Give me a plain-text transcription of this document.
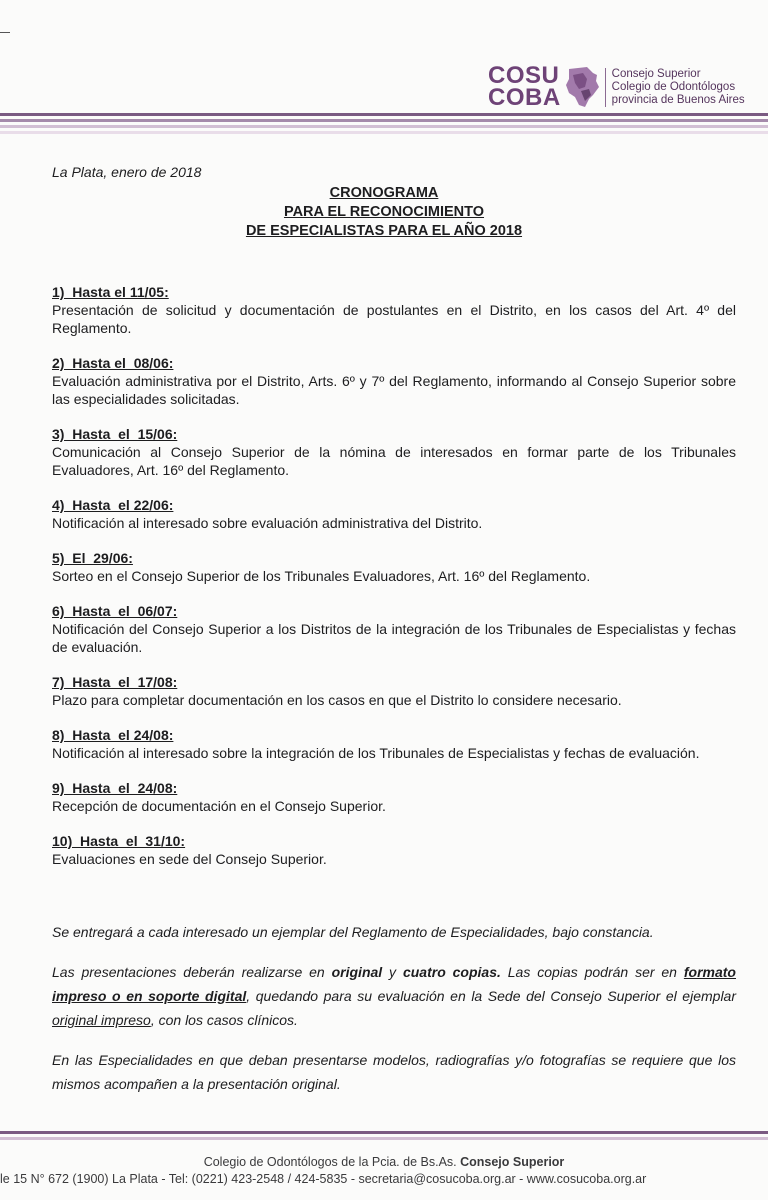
COSU
COBA
Consejo Superior
Colegio de Odontólogos
provincia de Buenos Aires
La Plata, enero de 2018
CRONOGRAMA
PARA EL RECONOCIMIENTO
DE ESPECIALISTAS PARA EL AÑO 2018
1)  Hasta el 11/05:
Presentación de solicitud y documentación de postulantes en el Distrito, en los casos del Art. 4º del Reglamento.
2)  Hasta el  08/06:
Evaluación administrativa por el Distrito, Arts. 6º y 7º del Reglamento, informando al Consejo Superior sobre las especialidades solicitadas.
3)  Hasta  el  15/06:
Comunicación al Consejo Superior de la nómina de interesados en formar parte de los Tribunales Evaluadores, Art. 16º del Reglamento.
4)  Hasta  el 22/06:
Notificación al interesado sobre evaluación administrativa del Distrito.
5)  El  29/06:
Sorteo en el Consejo Superior de los Tribunales Evaluadores, Art. 16º del Reglamento.
6)  Hasta  el  06/07:
Notificación del Consejo Superior a los Distritos de la integración de los Tribunales de Especialistas y fechas de evaluación.
7)  Hasta  el  17/08:
Plazo para completar documentación en los casos en que el Distrito lo considere necesario.
8)  Hasta  el 24/08:
Notificación al interesado sobre la integración de los Tribunales de Especialistas y fechas de evaluación.
9)  Hasta  el  24/08:
Recepción de documentación en el Consejo Superior.
10)  Hasta  el  31/10:
Evaluaciones en sede del Consejo Superior.
Se entregará a cada interesado un ejemplar del Reglamento de Especialidades, bajo constancia.
Las presentaciones deberán realizarse en original y cuatro copias. Las copias podrán ser en formato impreso o en soporte digital, quedando para su evaluación en la Sede del Consejo Superior el ejemplar original impreso, con los casos clínicos.
En las Especialidades en que deban presentarse modelos, radiografías y/o fotografías se requiere que los mismos acompañen a la presentación original.
Colegio de Odontólogos de la Pcia. de Bs.As. Consejo Superior
le 15 N° 672 (1900) La Plata - Tel: (0221) 423-2548 / 424-5835 - secretaria@cosucoba.org.ar - www.cosucoba.org.ar
